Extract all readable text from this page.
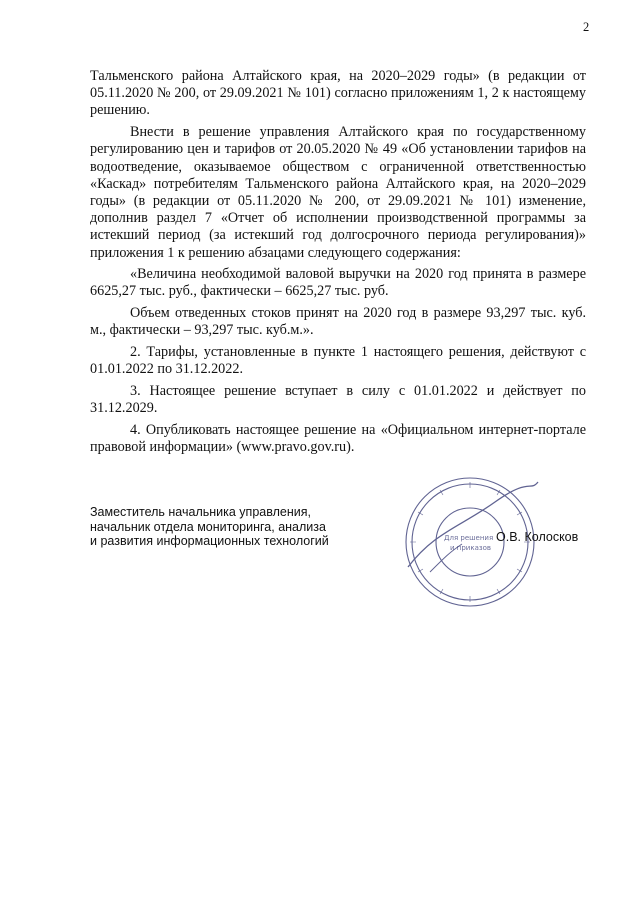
2

Тальменского района Алтайского края, на 2020–2029 годы» (в редакции от 05.11.2020 № 200, от 29.09.2021 № 101) согласно приложениям 1, 2 к настоящему решению.

Внести в решение управления Алтайского края по государственному регулированию цен и тарифов от 20.05.2020 № 49 «Об установлении тарифов на водоотведение, оказываемое обществом с ограниченной ответственностью «Каскад» потребителям Тальменского района Алтайского края, на 2020–2029 годы» (в редакции от 05.11.2020 № 200, от 29.09.2021 № 101) изменение, дополнив раздел 7 «Отчет об исполнении производственной программы за истекший период (за истекший год долгосрочного периода регулирования)» приложения 1 к решению абзацами следующего содержания:

«Величина необходимой валовой выручки на 2020 год принята в размере 6625,27 тыс. руб., фактически – 6625,27 тыс. руб.

Объем отведенных стоков принят на 2020 год в размере 93,297 тыс. куб. м., фактически – 93,297 тыс. куб.м.».

2. Тарифы, установленные в пункте 1 настоящего решения, действуют с 01.01.2022 по 31.12.2022.

3. Настоящее решение вступает в силу с 01.01.2022 и действует по 31.12.2029.

4. Опубликовать настоящее решение на «Официальном интернет-портале правовой информации» (www.pravo.gov.ru).

Заместитель начальника управления,
начальник отдела мониторинга, анализа
и развития информационных технологий	Для решения
и приказов
О.В. Колосков
